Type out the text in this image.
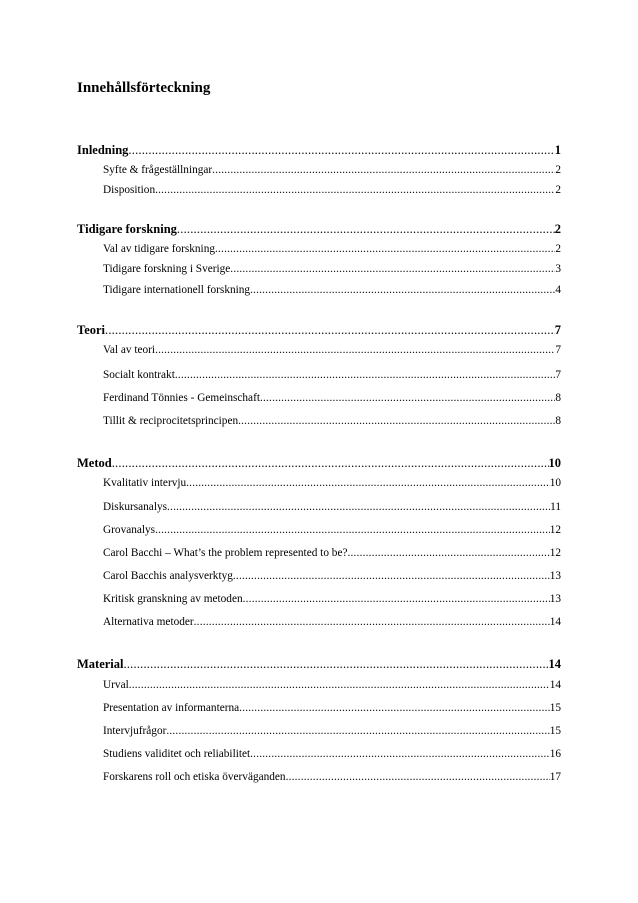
Innehållsförteckning
Inledning .....	1
Syfte & frågeställningar .....	2
Disposition .....	2
Tidigare forskning .....	2
Val av tidigare forskning .....	2
Tidigare forskning i Sverige .....	3
Tidigare internationell forskning .....	4
Teori .....	7
Val av teori .....	7
Socialt kontrakt .....	7
Ferdinand Tönnies - Gemeinschaft .....	8
Tillit & reciprocitetsprincipen .....	8
Metod .....	10
Kvalitativ intervju .....	10
Diskursanalys .....	11
Grovanalys .....	12
Carol Bacchi – What’s the problem represented to be? .....	12
Carol Bacchis analysverktyg .....	13
Kritisk granskning av metoden .....	13
Alternativa metoder .....	14
Material .....	14
Urval .....	14
Presentation av informanterna .....	15
Intervjufrågor .....	15
Studiens validitet och reliabilitet .....	16
Forskarens roll och etiska överväganden .....	17
